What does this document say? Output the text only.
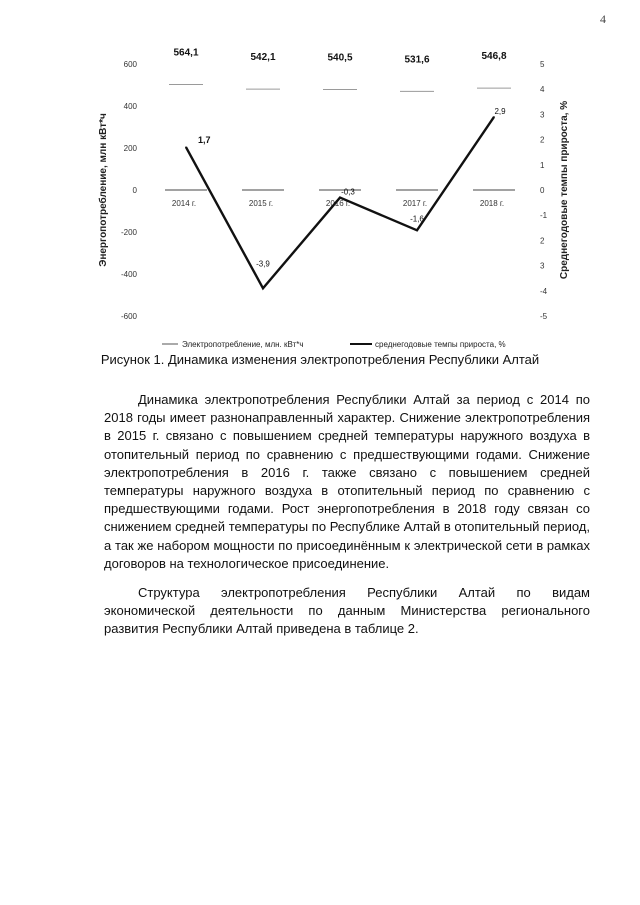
4
Энергопотребление, млн кВт*ч	Среднегодовые темпы прироста, %
600
400
200
0
-200
-400
-600
5
4
3
2
1
0
-1
2
3
-4
-5
564,1	542,1	540,5	531,6	546,8
2014 г.	2015 г.	2016 г.	2017 г.	2018 г.
1,7
-3,9
-0,3
-1,6
2,9
Электропотребление, млн. кВт*ч	среднегодовые темпы прироста, %
Рисунок 1. Динамика изменения электропотребления Республики Алтай

Динамика электропотребления Республики Алтай за период с 2014 по 2018 годы имеет разнонаправленный характер. Снижение электропотребления в 2015 г. связано с повышением средней температуры наружного воздуха в отопительный период по сравнению с предшествующими годами. Снижение электропотребления в 2016 г. также связано с повышением средней температуры наружного воздуха в отопительный период по сравнению с предшествующими годами. Рост энергопотребления в 2018 году связан со снижением средней температуры по Республике Алтай в отопительный период, а так же набором мощности по присоединённым к электрической сети в рамках договоров на технологическое присоединение.

Структура электропотребления Республики Алтай по видам экономической деятельности по данным Министерства регионального развития Республики Алтай приведена в таблице 2.
